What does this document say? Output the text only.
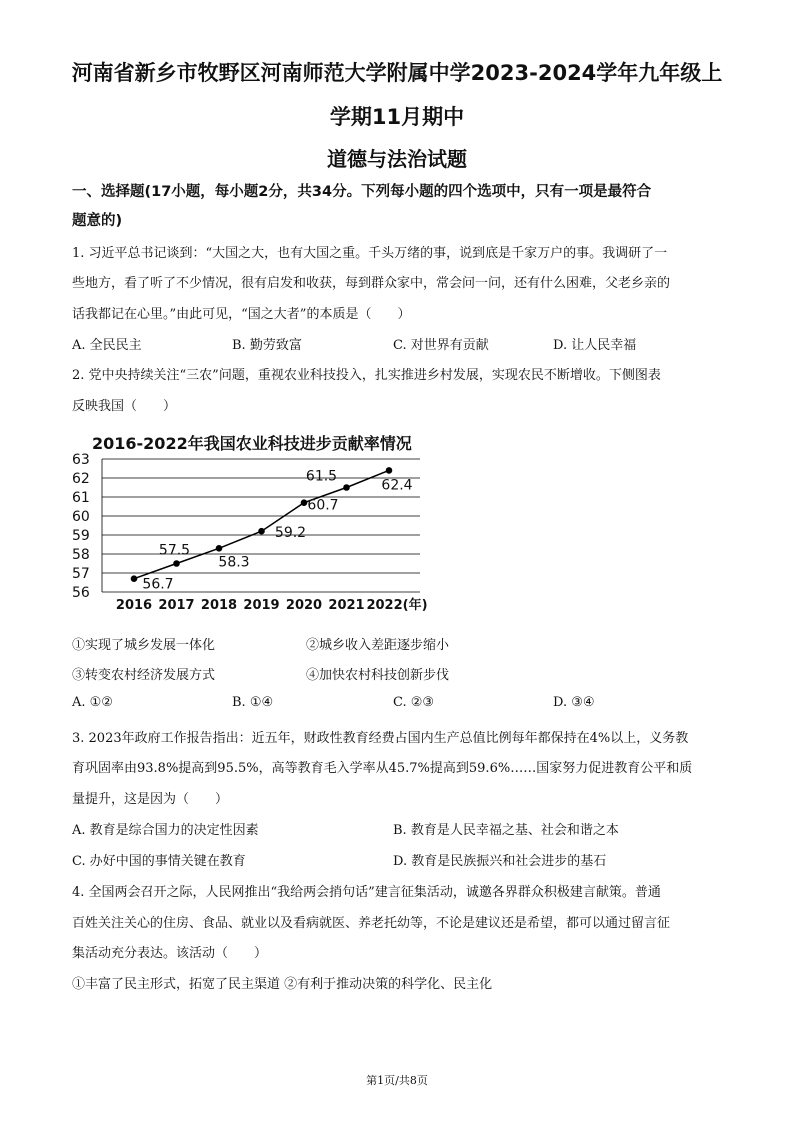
河南省新乡市牧野区河南师范大学附属中学2023-2024学年九年级上
学期11月期中
道德与法治试题
一、选择题(17小题，每小题2分，共34分。下列每小题的四个选项中，只有一项是最符合
题意的)
1. 习近平总书记谈到：“大国之大，也有大国之重。千头万绪的事，说到底是千家万户的事。我调研了一
些地方，看了听了不少情况，很有启发和收获，每到群众家中，常会问一问，还有什么困难，父老乡亲的
话我都记在心里。”由此可见，“国之大者”的本质是（　　）
A. 全民民主	B. 勤劳致富	C. 对世界有贡献	D. 让人民幸福
2. 党中央持续关注“三农”问题，重视农业科技投入，扎实推进乡村发展，实现农民不断增收。下侧图表
反映我国（　　）
2016-2022年我国农业科技进步贡献率情况
56
57
58
59
60
61
62
63
2016 2017 2018 2019 2020 2021 2022(年)
56.7
57.5
58.3
59.2
60.7
61.5
62.4
①实现了城乡发展一体化	②城乡收入差距逐步缩小
③转变农村经济发展方式	④加快农村科技创新步伐
A. ①②	B. ①④	C. ②③	D. ③④
3. 2023年政府工作报告指出：近五年，财政性教育经费占国内生产总值比例每年都保持在4%以上，义务教
育巩固率由93.8%提高到95.5%，高等教育毛入学率从45.7%提高到59.6%……国家努力促进教育公平和质
量提升，这是因为（　　）
A. 教育是综合国力的决定性因素	B. 教育是人民幸福之基、社会和谐之本
C. 办好中国的事情关键在教育	D. 教育是民族振兴和社会进步的基石
4. 全国两会召开之际，人民网推出“我给两会捎句话”建言征集活动，诚邀各界群众积极建言献策。普通
百姓关注关心的住房、食品、就业以及看病就医、养老托幼等，不论是建议还是希望，都可以通过留言征
集活动充分表达。该活动（　　）
①丰富了民主形式，拓宽了民主渠道 ②有利于推动决策的科学化、民主化
第1页/共8页
